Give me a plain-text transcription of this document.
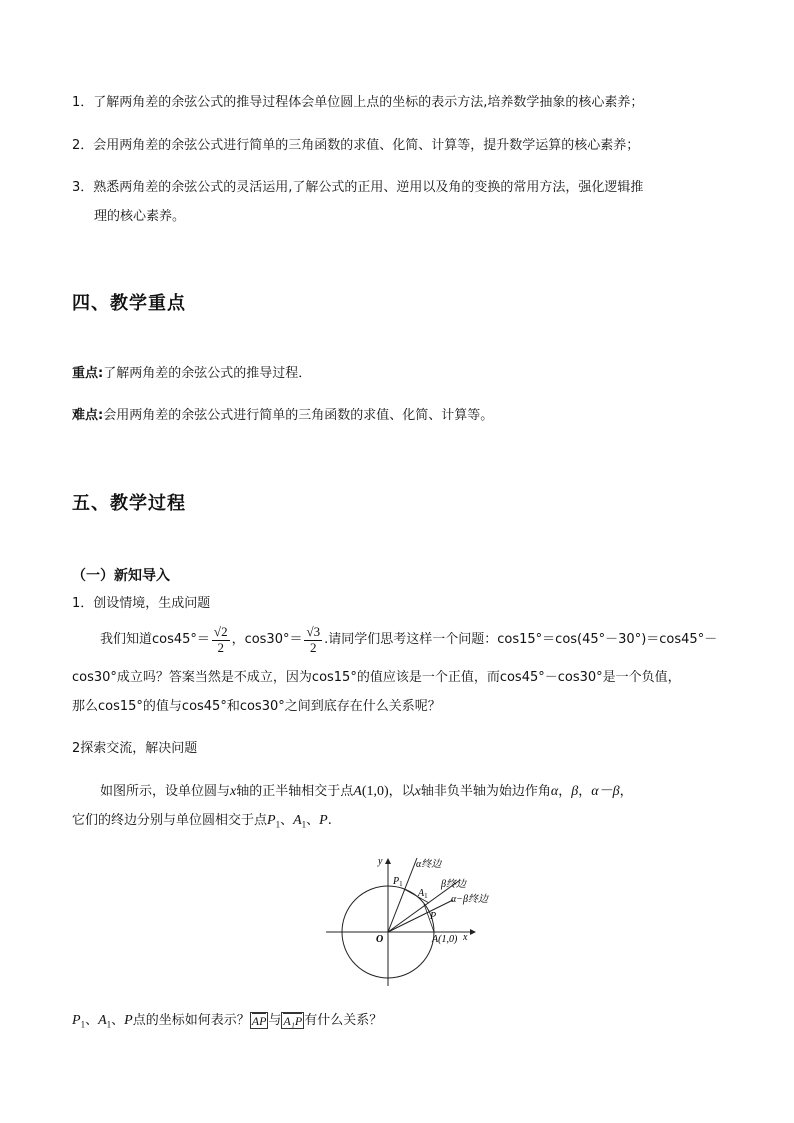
1．了解两角差的余弦公式的推导过程体会单位圆上点的坐标的表示方法,培养数学抽象的核心素养；
2．会用两角差的余弦公式进行简单的三角函数的求值、化简、计算等，提升数学运算的核心素养；
3．熟悉两角差的余弦公式的灵活运用,了解公式的正用、逆用以及角的变换的常用方法，强化逻辑推
理的核心素养。
四、教学重点
重点:了解两角差的余弦公式的推导过程．
难点:会用两角差的余弦公式进行简单的三角函数的求值、化简、计算等。
五、教学过程
（一）新知导入
1．创设情境，生成问题
我们知道$\cos 45^\circ= \frac{√2}{2}$ ，$\cos 30^\circ= \frac{√3}{2}$ .请同学们思考这样一个问题：cos15°＝cos(45°－30°)＝cos45°－
cos30°成立吗？答案当然是不成立，因为cos15°的值应该是一个正值，而cos45°－cos30°是一个负值，
那么cos15°的值与cos45°和cos30°之间到底存在什么关系呢？
2探索交流，解决问题
如图所示，设单位圆与x轴的正半轴相交于点A(1,0)，以x轴非负半轴为始边作角α，β，α－β，
它们的终边分别与单位圆相交于点$P_1$、$A_1$、P.
y
x
O
$P_1$
$A_1$
P
A(1,0)
α终边
β终边
α−β终边
$P_1$、$A_1$、P点的坐标如何表示？ AP 与 A₁P 有什么关系？
